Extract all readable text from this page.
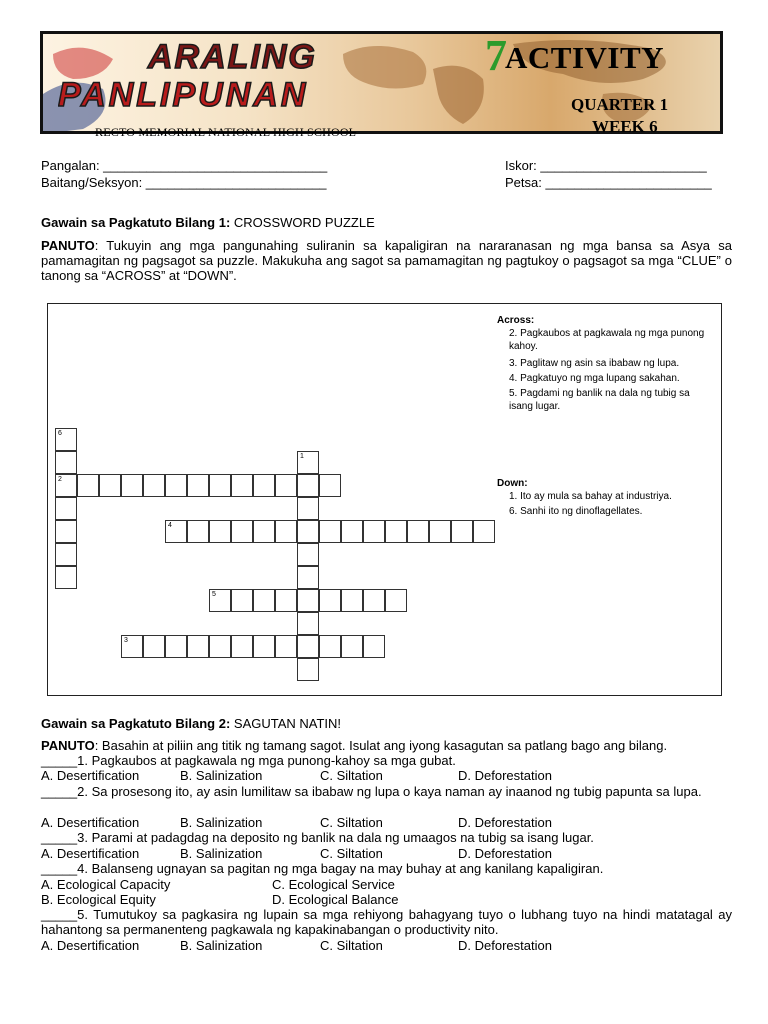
ARALING
PANLIPUNAN
7
ACTIVITY
QUARTER 1
WEEK 6
RECTO MEMORIAL NATIONAL HIGH SCHOOL
Pangalan: _______________________________
Baitang/Seksyon: _________________________
Iskor: _______________________
Petsa: _______________________
Gawain sa Pagkatuto Bilang 1: CROSSWORD PUZZLE
PANUTO: Tukuyin ang mga pangunahing suliranin sa kapaligiran na nararanasan ng mga bansa sa Asya sa pamamagitan ng pagsagot sa puzzle. Makukuha ang sagot sa pamamagitan ng pagtukoy o pagsagot sa mga “CLUE” o tanong sa “ACROSS” at “DOWN”.
6
2
1
4
5
3
Across:
2. Pagkaubos at pagkawala ng mga punong kahoy.
3. Paglitaw ng asin sa ibabaw ng lupa.
4. Pagkatuyo ng mga lupang sakahan.
5. Pagdami ng banlik na dala ng tubig sa isang lugar.
Down:
1. Ito ay mula sa bahay at industriya.
6. Sanhi ito ng dinoflagellates.
Gawain sa Pagkatuto Bilang 2: SAGUTAN NATIN!
PANUTO: Basahin at piliin ang titik ng tamang sagot. Isulat ang iyong kasagutan sa patlang bago ang bilang.
_____1. Pagkaubos at pagkawala ng mga punong-kahoy sa mga gubat.
A. Desertification	B. Salinization	C. Siltation	D. Deforestation
_____2. Sa prosesong ito, ay asin lumilitaw sa ibabaw ng lupa o kaya naman ay inaanod ng tubig papunta sa lupa.
A. Desertification	B. Salinization	C. Siltation	D. Deforestation
_____3. Parami at padagdag na deposito ng banlik na dala ng umaagos na tubig sa isang lugar.
A. Desertification	B. Salinization	C. Siltation	D. Deforestation
_____4. Balanseng ugnayan sa pagitan ng mga bagay na may buhay at ang kanilang kapaligiran.
A. Ecological Capacity	C. Ecological Service
B. Ecological Equity	D. Ecological Balance
_____5. Tumutukoy sa pagkasira ng lupain sa mga rehiyong bahagyang tuyo o lubhang tuyo na hindi matatagal ay hahantong sa permanenteng pagkawala ng kapakinabangan o productivity nito.
A. Desertification	B. Salinization	C. Siltation	D. Deforestation
